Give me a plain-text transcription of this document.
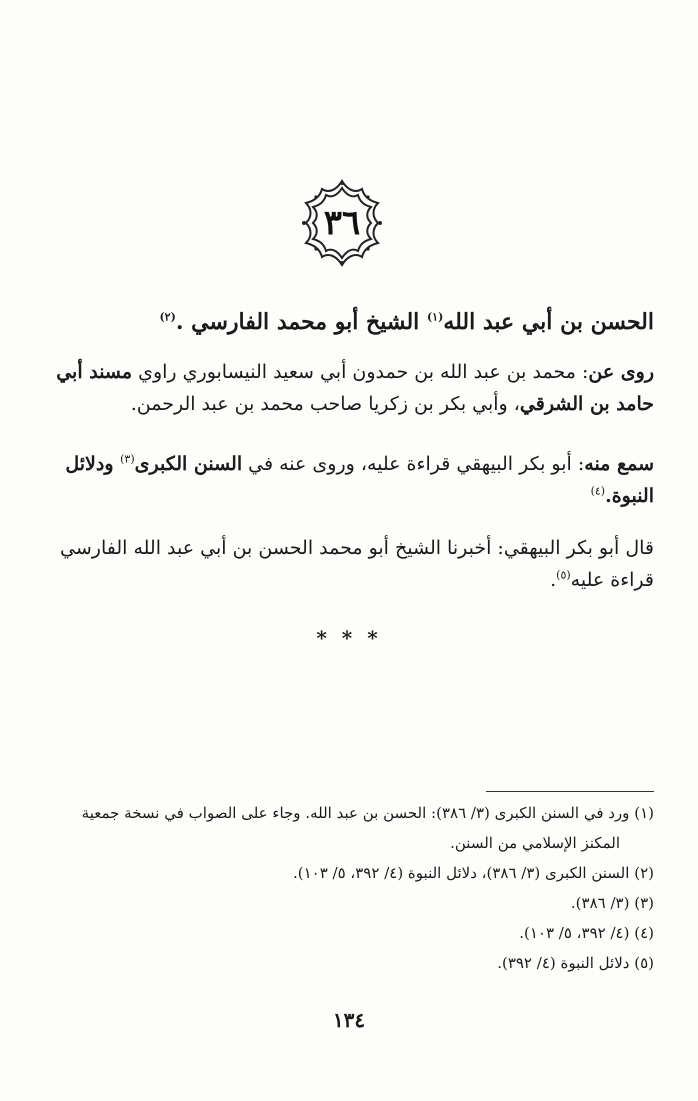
٣٦
الحسن بن أبي عبد الله$^{(١)}$ الشيخ أبو محمد الفارسي .$^{(٢)}$
روى عن: محمد بن عبد الله بن حمدون أبي سعيد النيسابوري راوي مسند أبي حامد بن الشرقي، وأبي بكر بن زكريا صاحب محمد بن عبد الرحمن.
سمع منه: أبو بكر البيهقي قراءة عليه، وروى عنه في السنن الكبرى$^{(٣)}$ ودلائل النبوة.$^{(٤)}$
قال أبو بكر البيهقي: أخبرنا الشيخ أبو محمد الحسن بن أبي عبد الله الفارسي قراءة عليه$^{(٥)}$.
* * *

(١) ورد في السنن الكبرى (٣/ ٣٨٦): الحسن بن عبد الله. وجاء على الصواب في نسخة جمعية
المكنز الإسلامي من السنن.

(٢) السنن الكبرى (٣/ ٣٨٦)، دلائل النبوة (٤/ ٣٩٢، ٥/ ١٠٣).

(٣) (٣/ ٣٨٦).

(٤) (٤/ ٣٩٢، ٥/ ١٠٣).

(٥) دلائل النبوة (٤/ ٣٩٢).

١٣٤
